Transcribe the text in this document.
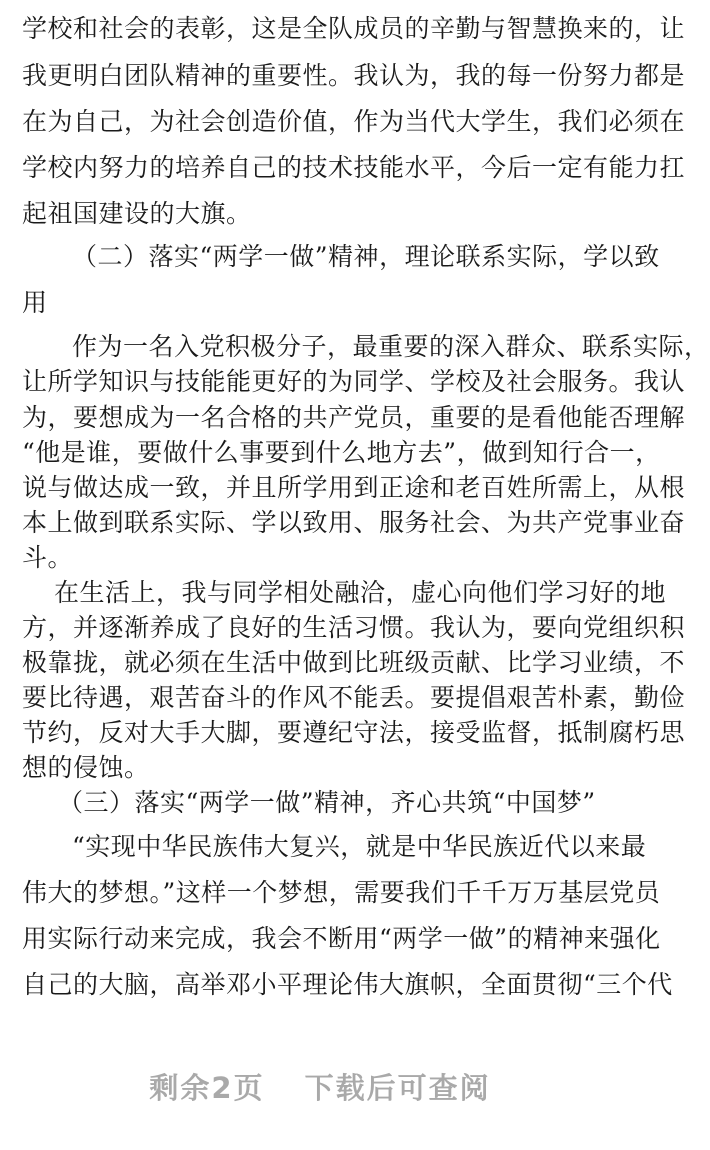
学校和社会的表彰，这是全队成员的辛勤与智慧换来的，让
我更明白团队精神的重要性。我认为，我的每一份努力都是
在为自己，为社会创造价值，作为当代大学生，我们必须在
学校内努力的培养自己的技术技能水平，今后一定有能力扛
起祖国建设的大旗。
（二）落实“两学一做”精神，理论联系实际，学以致
用
作为一名入党积极分子，最重要的深入群众、联系实际，
让所学知识与技能能更好的为同学、学校及社会服务。我认
为，要想成为一名合格的共产党员，重要的是看他能否理解
“他是谁，要做什么事要到什么地方去”，做到知行合一，
说与做达成一致，并且所学用到正途和老百姓所需上，从根
本上做到联系实际、学以致用、服务社会、为共产党事业奋
斗。
在生活上，我与同学相处融洽，虚心向他们学习好的地
方，并逐渐养成了良好的生活习惯。我认为，要向党组织积
极靠拢，就必须在生活中做到比班级贡献、比学习业绩，不
要比待遇，艰苦奋斗的作风不能丢。要提倡艰苦朴素，勤俭
节约，反对大手大脚，要遵纪守法，接受监督，抵制腐朽思
想的侵蚀。
（三）落实“两学一做”精神，齐心共筑“中国梦”
“实现中华民族伟大复兴，就是中华民族近代以来最
伟大的梦想。”这样一个梦想，需要我们千千万万基层党员
用实际行动来完成，我会不断用“两学一做”的精神来强化
自己的大脑，高举邓小平理论伟大旗帜，全面贯彻“三个代
剩余2页 下载后可查阅
